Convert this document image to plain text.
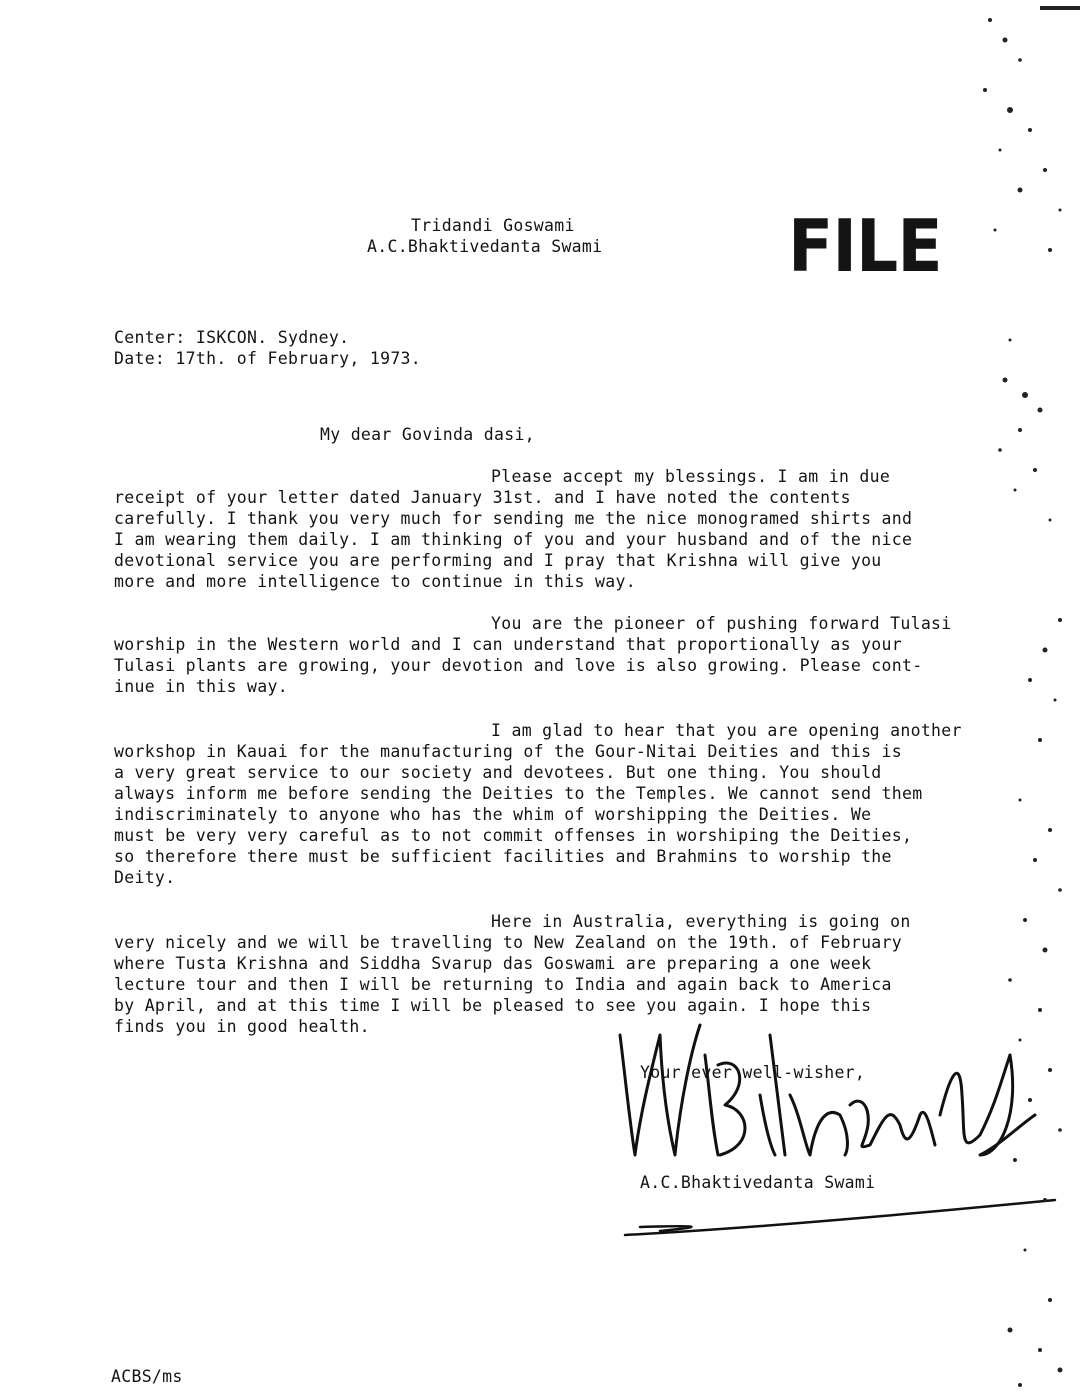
Tridandi Goswami
A.C.Bhaktivedanta Swami	FILE
Center: ISKCON. Sydney.
Date: 17th. of February, 1973.
My dear Govinda dasi,
Please accept my blessings. I am in due
receipt of your letter dated January 31st. and I have noted the contents
carefully. I thank you very much for sending me the nice monogramed shirts and
I am wearing them daily. I am thinking of you and your husband and of the nice
devotional service you are performing and I pray that Krishna will give you
more and more intelligence to continue in this way.
You are the pioneer of pushing forward Tulasi
worship in the Western world and I can understand that proportionally as your
Tulasi plants are growing, your devotion and love is also growing. Please cont-
inue in this way.
I am glad to hear that you are opening another
workshop in Kauai for the manufacturing of the Gour-Nitai Deities and this is
a very great service to our society and devotees. But one thing. You should
always inform me before sending the Deities to the Temples. We cannot send them
indiscriminately to anyone who has the whim of worshipping the Deities. We
must be very very careful as to not commit offenses in worshiping the Deities,
so therefore there must be sufficient facilities and Brahmins to worship the
Deity.
Here in Australia, everything is going on
very nicely and we will be travelling to New Zealand on the 19th. of February
where Tusta Krishna and Siddha Svarup das Goswami are preparing a one week
lecture tour and then I will be returning to India and again back to America
by April, and at this time I will be pleased to see you again. I hope this
finds you in good health.
Your ever well-wisher,
A.C.Bhaktivedanta Swami
ACBS/ms
